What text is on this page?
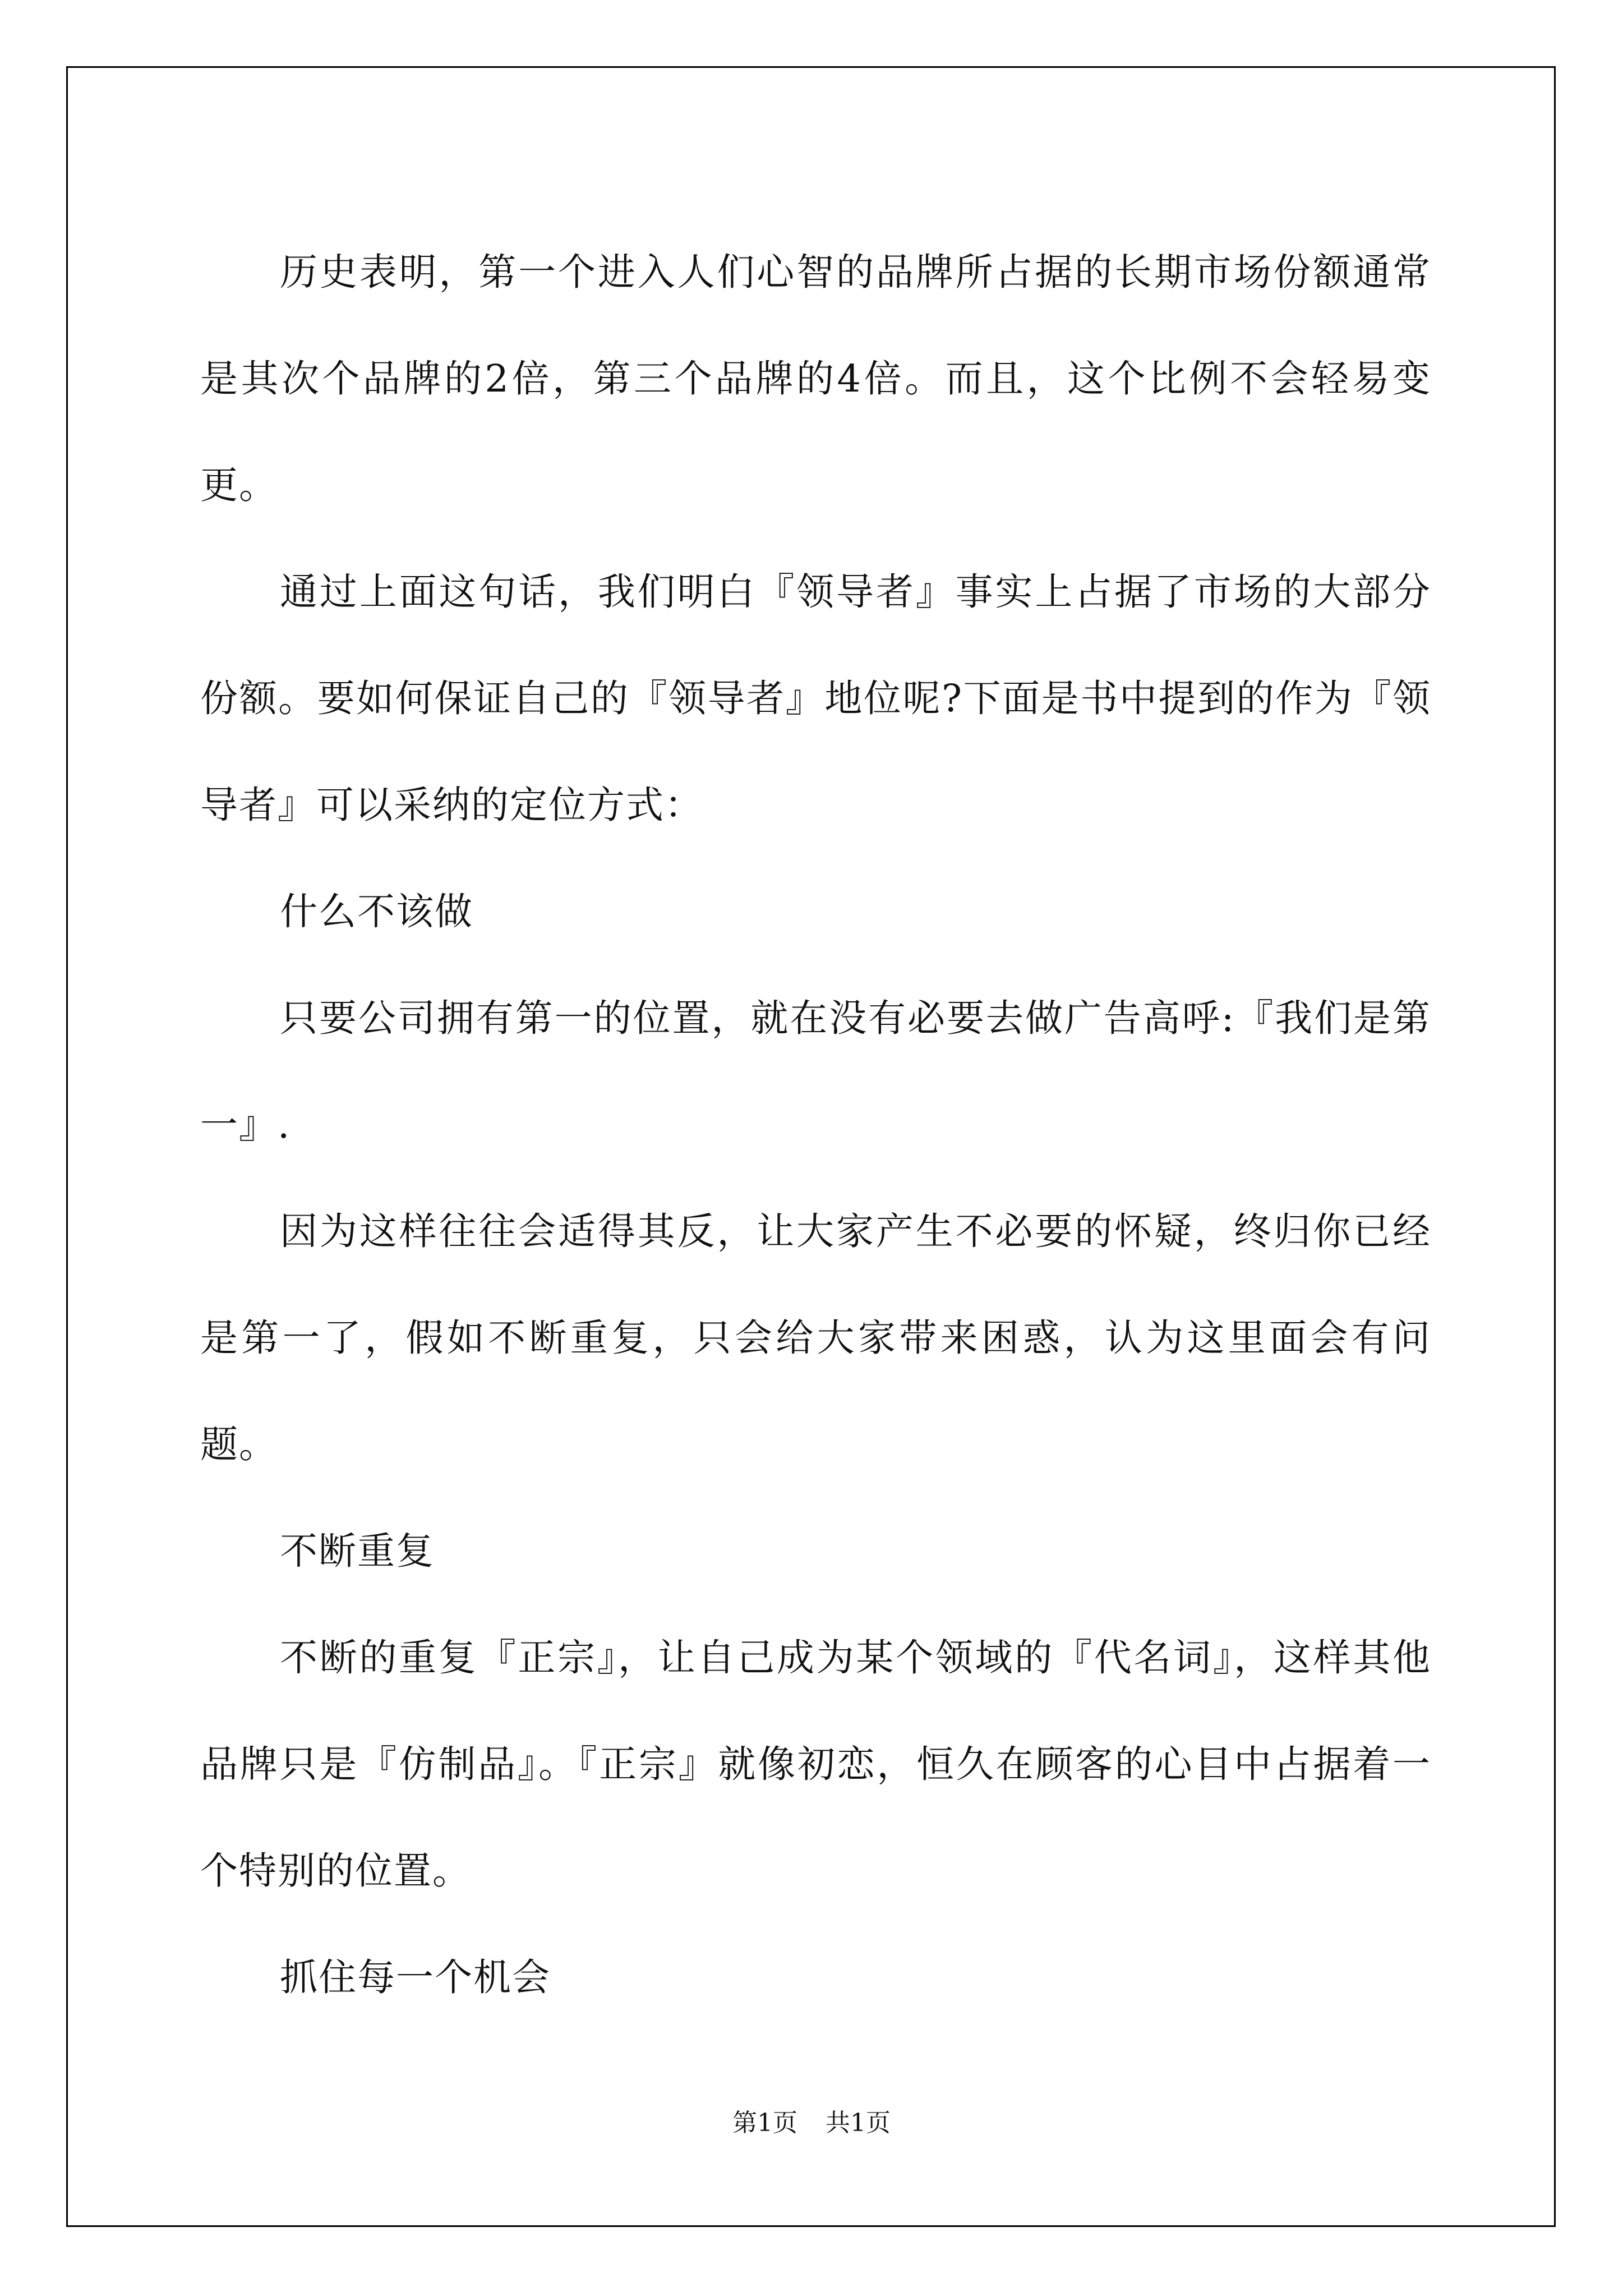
历史表明，第一个进入人们心智的品牌所占据的长期市场份额通常是其次个品牌的2倍，第三个品牌的4倍。而且，这个比例不会轻易变更。

通过上面这句话，我们明白『领导者』事实上占据了市场的大部分份额。要如何保证自己的『领导者』地位呢?下面是书中提到的作为『领导者』可以采纳的定位方式：

什么不该做

只要公司拥有第一的位置，就在没有必要去做广告高呼:『我们是第一』.

因为这样往往会适得其反，让大家产生不必要的怀疑，终归你已经是第一了，假如不断重复，只会给大家带来困惑，认为这里面会有问题。

不断重复

不断的重复『正宗』，让自己成为某个领域的『代名词』，这样其他品牌只是『仿制品』。『正宗』就像初恋，恒久在顾客的心目中占据着一个特别的位置。

抓住每一个机会

第1页 共1页
